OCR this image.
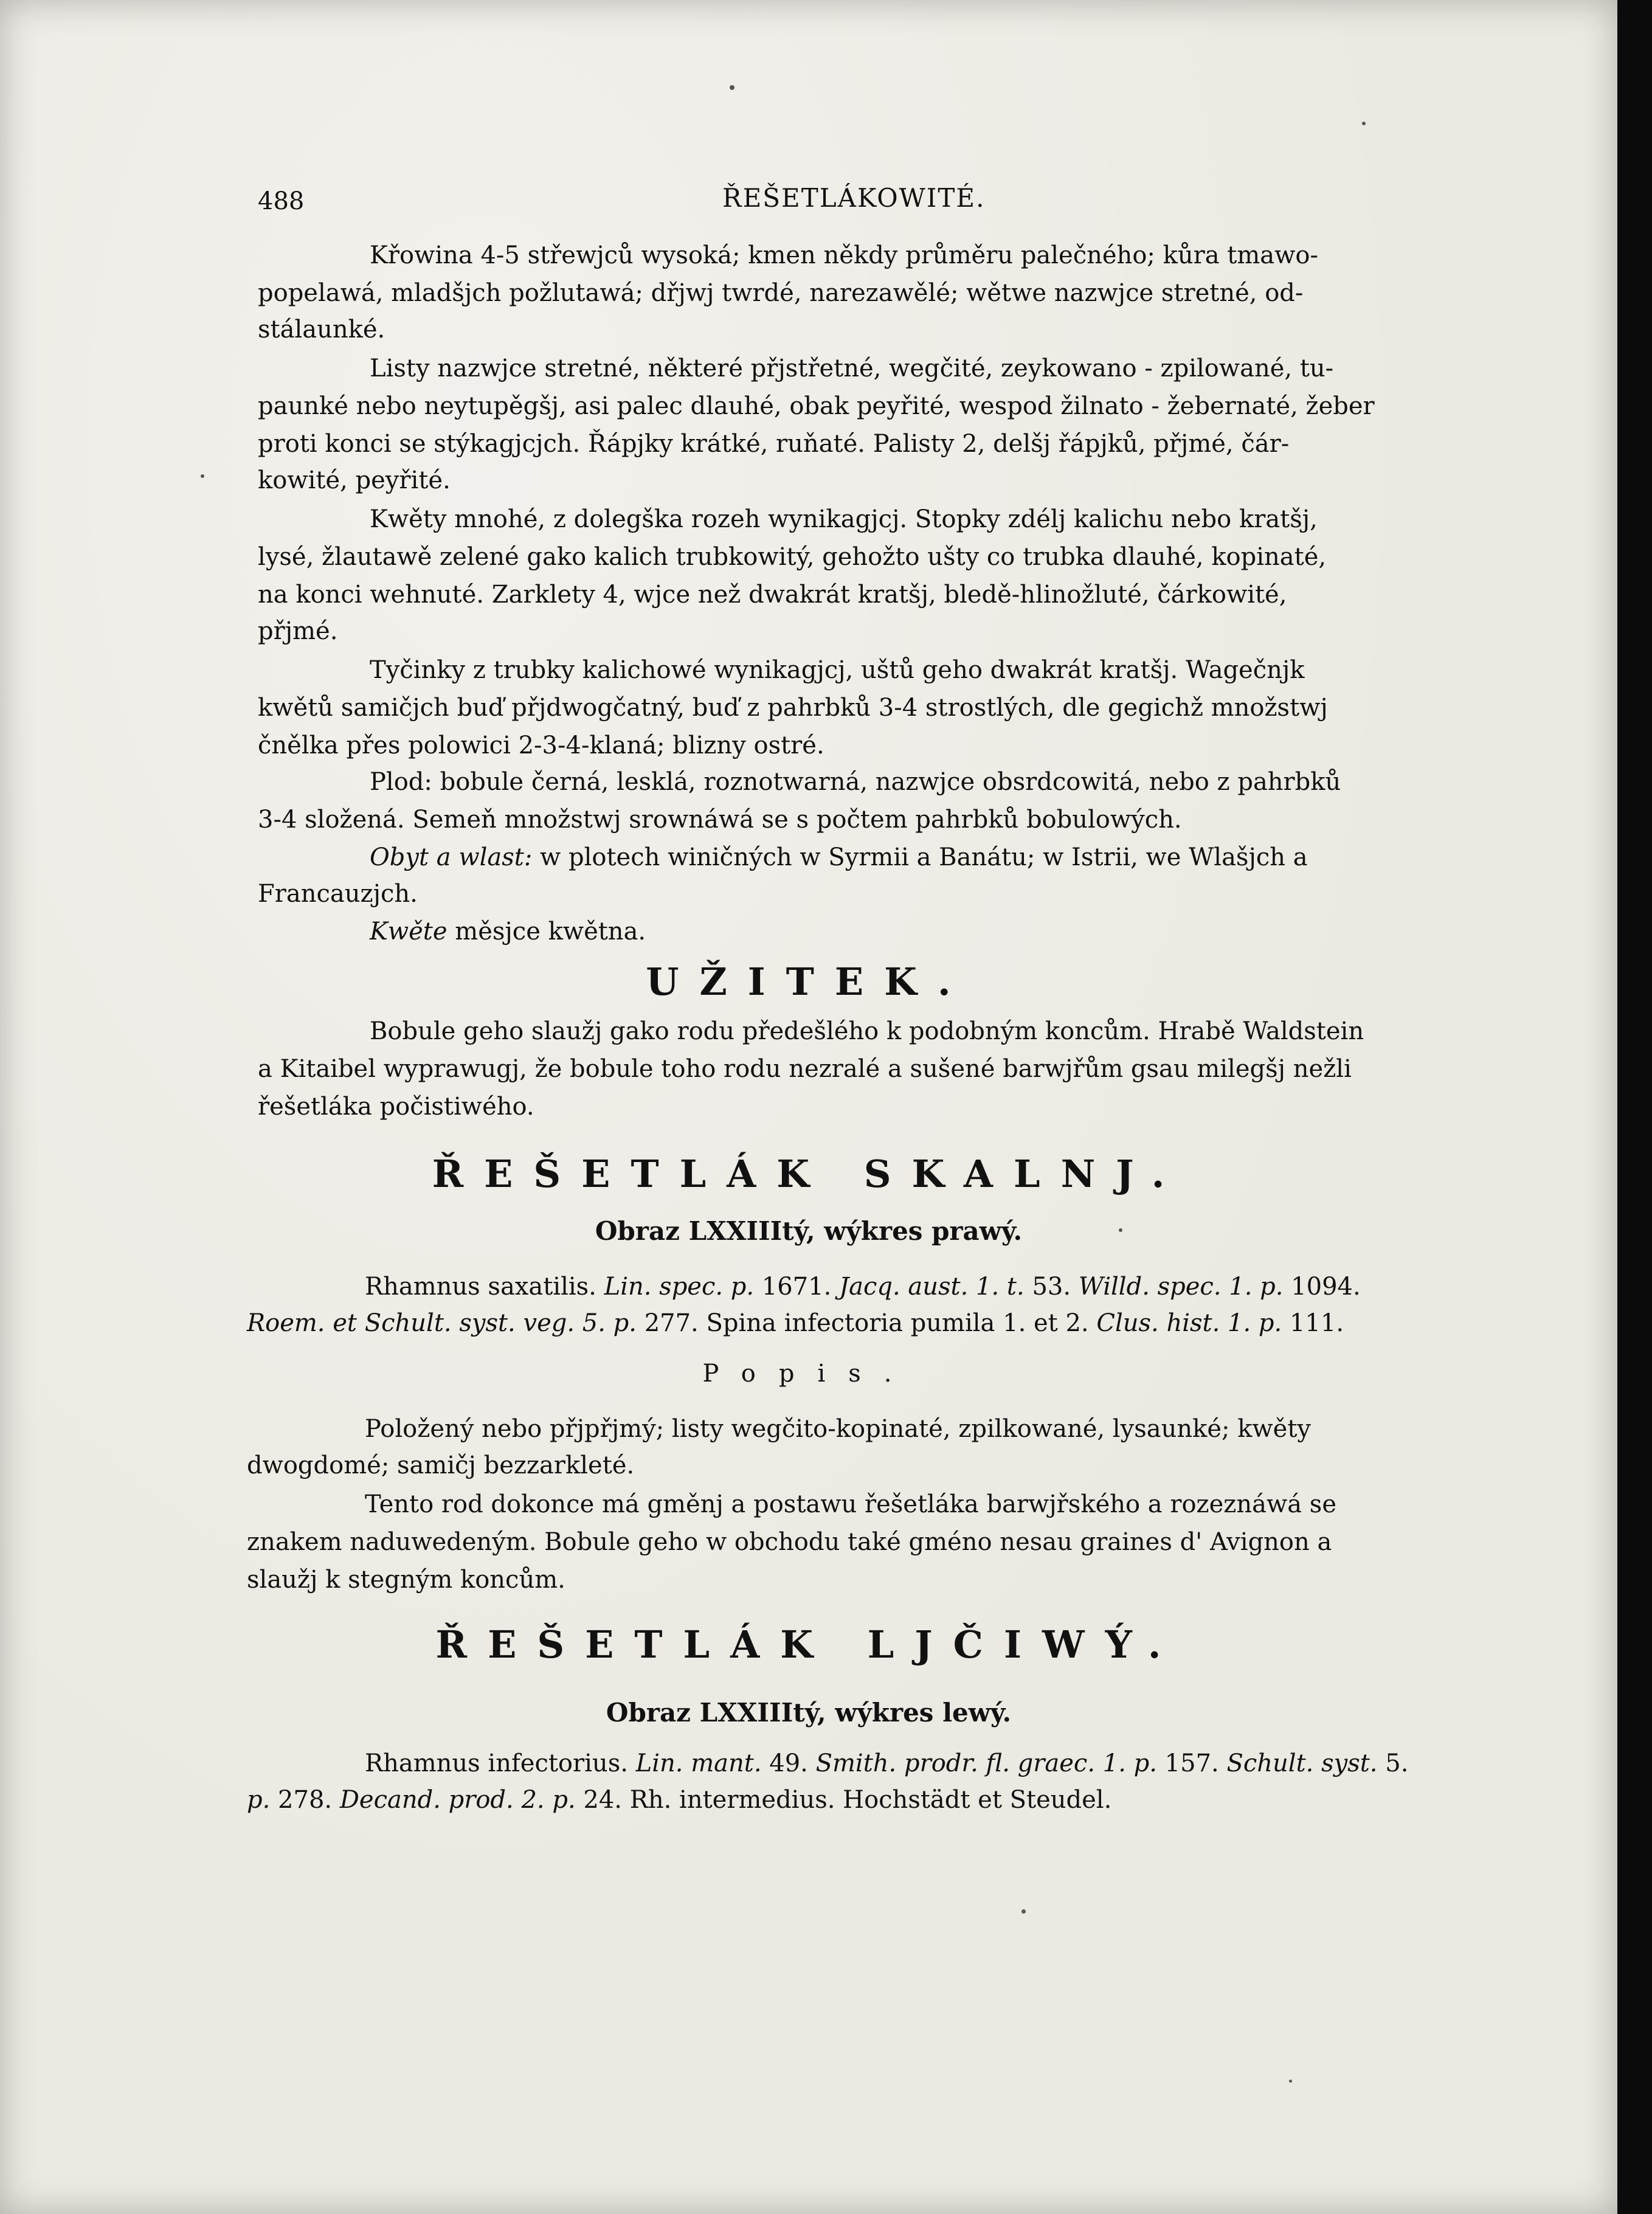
488	ŘEŠETLÁKOWITÉ.
Křowina 4-5 střewjců wysoká; kmen někdy průměru palečného; kůra tmawo-
popelawá, mladšjch požlutawá; dřjwj twrdé, narezawělé; wětwe nazwjce stretné, od-
stálaunké.
Listy nazwjce stretné, některé přjstřetné, wegčité, zeykowano - zpilowané, tu-
paunké nebo neytupěgšj, asi palec dlauhé, obak peyřité, wespod žilnato - žebernaté, žeber
proti konci se stýkagjcjch. Řápjky krátké, ruňaté. Palisty 2, delšj řápjků, přjmé, čár-
kowité, peyřité.
Kwěty mnohé, z dolegška rozeh wynikagjcj. Stopky zdélj kalichu nebo kratšj,
lysé, žlautawě zelené gako kalich trubkowitý, gehožto ušty co trubka dlauhé, kopinaté,
na konci wehnuté. Zarklety 4, wjce než dwakrát kratšj, bledě-hlinožluté, čárkowité,
přjmé.
Tyčinky z trubky kalichowé wynikagjcj, uštů geho dwakrát kratšj. Wagečnjk
kwětů samičjch buď přjdwogčatný, buď z pahrbků 3-4 strostlých, dle gegichž množstwj
čnělka přes polowici 2-3-4-klaná; blizny ostré.
Plod: bobule černá, lesklá, roznotwarná, nazwjce obsrdcowitá, nebo z pahrbků
3-4 složená. Semeň množstwj srownáwá se s počtem pahrbků bobulowých.
Obyt a wlast: w plotech winičných w Syrmii a Banátu; w Istrii, we Wlašjch a
Francauzjch.
Kwěte měsjce kwětna.
UŽITEK.
Bobule geho slaužj gako rodu předešlého k podobným koncům. Hrabě Waldstein
a Kitaibel wyprawugj, že bobule toho rodu nezralé a sušené barwjřům gsau milegšj nežli
řešetláka počistiwého.
ŘEŠETLÁK SKALNJ.
Obraz LXXIIItý, wýkres prawý.
Rhamnus saxatilis. Lin. spec. p. 1671. Jacq. aust. 1. t. 53. Willd. spec. 1. p. 1094.
Roem. et Schult. syst. veg. 5. p. 277. Spina infectoria pumila 1. et 2. Clus. hist. 1. p. 111.
Popis.
Položený nebo přjpřjmý; listy wegčito-kopinaté, zpilkowané, lysaunké; kwěty
dwogdomé; samičj bezzarkleté.
Tento rod dokonce má gměnj a postawu řešetláka barwjřského a rozeznáwá se
znakem naduwedeným. Bobule geho w obchodu také gméno nesau graines d' Avignon a
slaužj k stegným koncům.
ŘEŠETLÁK LJČIWÝ.
Obraz LXXIIItý, wýkres lewý.
Rhamnus infectorius. Lin. mant. 49. Smith. prodr. fl. graec. 1. p. 157. Schult. syst. 5.
p. 278. Decand. prod. 2. p. 24. Rh. intermedius. Hochstädt et Steudel.
